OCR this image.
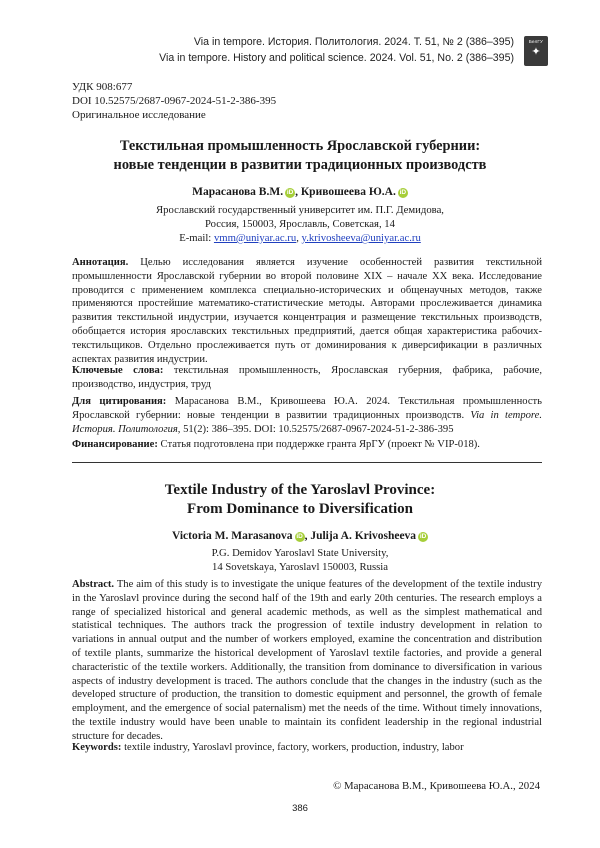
Via in tempore. История. Политология. 2024. Т. 51, № 2 (386–395)
Via in tempore. History and political science. 2024. Vol. 51, No. 2 (386–395)
БелГУ
✦
УДК 908:677
DOI 10.52575/2687-0967-2024-51-2-386-395
Оригинальное исследование
Текстильная промышленность Ярославской губернии:
новые тенденции в развитии традиционных производств
Марасанова В.М. iD , Кривошеева Ю.А. iD
Ярославский государственный университет им. П.Г. Демидова,
Россия, 150003, Ярославль, Советская, 14
E-mail: vmm@uniyar.ac.ru, y.krivosheeva@uniyar.ac.ru
Аннотация. Целью исследования является изучение особенностей развития текстильной промышленности Ярославской губернии во второй половине XIX – начале XX века. Исследование проводится с применением комплекса специально-исторических и общенаучных методов, также применяются простейшие математико-статистические методы. Авторами прослеживается динамика развития текстильной индустрии, изучается концентрация и размещение текстильных производств, обобщается история ярославских текстильных предприятий, дается общая характеристика рабочих-текстильщиков. Отдельно прослеживается путь от доминирования к диверсификации в различных аспектах развития индустрии.
Ключевые слова: текстильная промышленность, Ярославская губерния, фабрика, рабочие, производство, индустрия, труд
Для цитирования: Марасанова В.М., Кривошеева Ю.А. 2024. Текстильная промышленность Ярославской губернии: новые тенденции в развитии традиционных производств. Via in tempore. История. Политология, 51(2): 386–395. DOI: 10.52575/2687-0967-2024-51-2-386-395
Финансирование: Статья подготовлена при поддержке гранта ЯрГУ (проект № VIP-018).
Textile Industry of the Yaroslavl Province:
From Dominance to Diversification
Victoria M. Marasanova iD , Julija A. Krivosheeva iD
P.G. Demidov Yaroslavl State University,
14 Sovetskaya, Yaroslavl 150003, Russia
Abstract. The aim of this study is to investigate the unique features of the development of the textile industry in the Yaroslavl province during the second half of the 19th and early 20th centuries. The research employs a range of specialized historical and general academic methods, as well as the simplest mathematical and statistical techniques. The authors track the progression of textile industry development in relation to variations in annual output and the number of workers employed, examine the concentration and distribution of textile plants, summarize the historical development of Yaroslavl textile factories, and provide a general characteristic of the textile workers. Additionally, the transition from dominance to diversification in various aspects of industry development is traced. The authors conclude that the changes in the industry (such as the developed structure of production, the transition to domestic equipment and personnel, the growth of female employment, and the emergence of social paternalism) met the needs of the time. Without timely innovations, the textile industry would have been unable to maintain its confident leadership in the regional industrial structure for decades.
Keywords: textile industry, Yaroslavl province, factory, workers, production, industry, labor
© Марасанова В.М., Кривошеева Ю.А., 2024
386
